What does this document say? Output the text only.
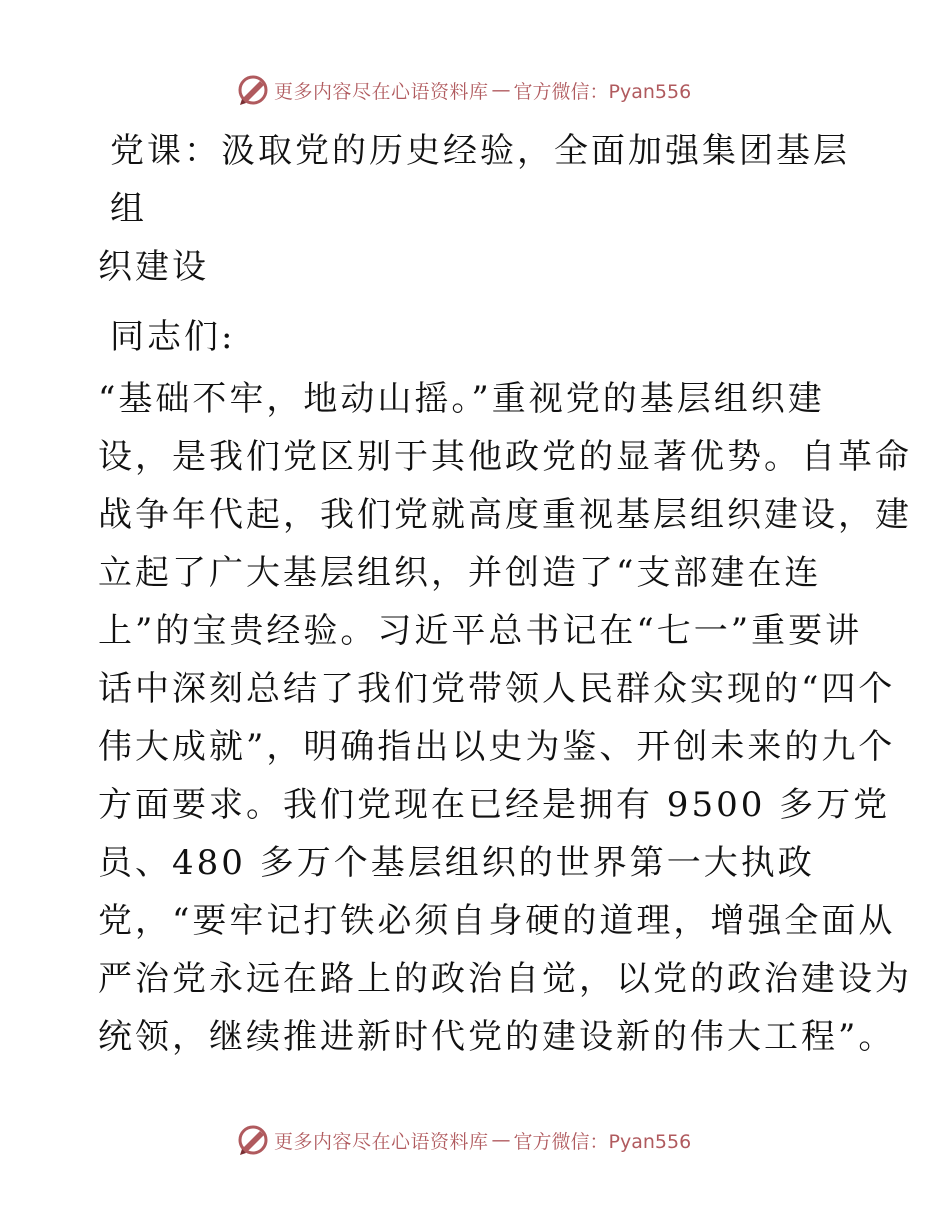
更多内容尽在心语资料库 — 官方微信：Pyan556
党课：汲取党的历史经验，全面加强集团基层组
织建设

同志们:

“基础不牢，地动山摇。”重视党的基层组织建
设，是我们党区别于其他政党的显著优势。自革命
战争年代起，我们党就高度重视基层组织建设，建
立起了广大基层组织，并创造了“支部建在连
上”的宝贵经验。习近平总书记在“七一”重要讲
话中深刻总结了我们党带领人民群众实现的“四个
伟大成就”，明确指出以史为鉴、开创未来的九个
方面要求。我们党现在已经是拥有 9500 多万党
员、480 多万个基层组织的世界第一大执政
党，“要牢记打铁必须自身硬的道理，增强全面从
严治党永远在路上的政治自觉，以党的政治建设为
统领，继续推进新时代党的建设新的伟大工程”。

更多内容尽在心语资料库 — 官方微信：Pyan556
